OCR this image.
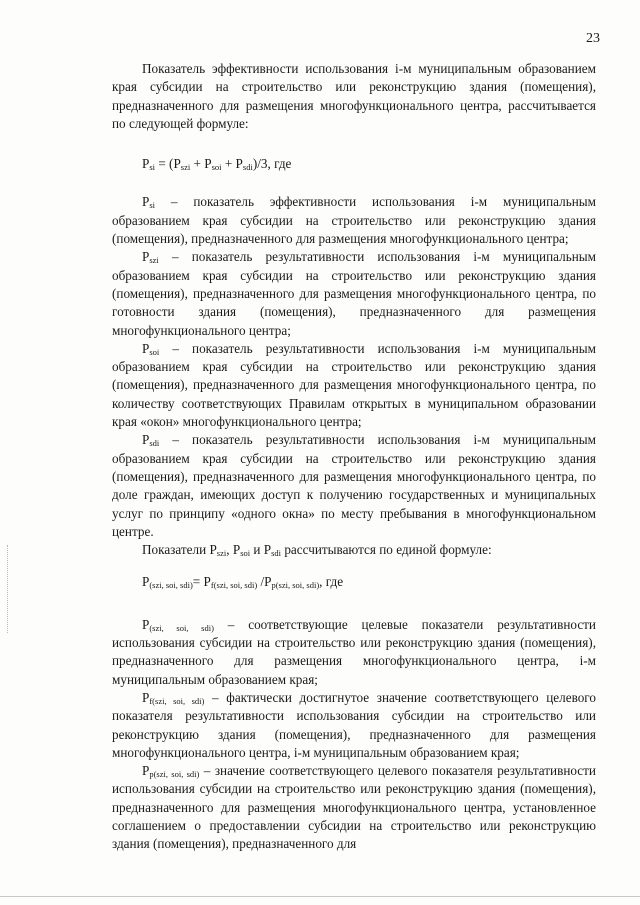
23

Показатель эффективности использования i-м муниципальным образованием края субсидии на строительство или реконструкцию здания (помещения), предназначенного для размещения многофункционального центра, рассчитывается по следующей формуле:

$P_{si} = (P_{szi} + P_{soi} + P_{sdi})/3$, где

$P_{si}$ – показатель эффективности использования i-м муниципальным образованием края субсидии на строительство или реконструкцию здания (помещения), предназначенного для размещения многофункционального центра;

$P_{szi}$ – показатель результативности использования i-м муниципальным образованием края субсидии на строительство или реконструкцию здания (помещения), предназначенного для размещения многофункционального центра, по готовности здания (помещения), предназначенного для размещения многофункционального центра;

$P_{soi}$ – показатель результативности использования i-м муниципальным образованием края субсидии на строительство или реконструкцию здания (помещения), предназначенного для размещения многофункционального центра, по количеству соответствующих Правилам открытых в муниципальном образовании края «окон» многофункционального центра;

$P_{sdi}$ – показатель результативности использования i-м муниципальным образованием края субсидии на строительство или реконструкцию здания (помещения), предназначенного для размещения многофункционального центра, по доле граждан, имеющих доступ к получению государственных и муниципальных услуг по принципу «одного окна» по месту пребывания в многофункциональном центре.

Показатели $P_{szi}$, $P_{soi}$ и $P_{sdi}$ рассчитываются по единой формуле:

$P_{(szi, soi, sdi)}= P_{f(szi, soi, sdi)}$ $/P_{p(szi, soi, sdi)}$, где

$P_{(szi, soi, sdi)}$ – соответствующие целевые показатели результативности использования субсидии на строительство или реконструкцию здания (помещения), предназначенного для размещения многофункционального центра, i-м муниципальным образованием края;

$P_{f(szi, soi, sdi)}$ – фактически достигнутое значение соответствующего целевого показателя результативности использования субсидии на строительство или реконструкцию здания (помещения), предназначенного для размещения многофункционального центра, i-м муниципальным образованием края;

$P_{p(szi, soi, sdi)}$ – значение соответствующего целевого показателя результативности использования субсидии на строительство или реконструкцию здания (помещения), предназначенного для размещения многофункционального центра, установленное соглашением о предоставлении субсидии на строительство или реконструкцию здания (помещения), предназначенного для
